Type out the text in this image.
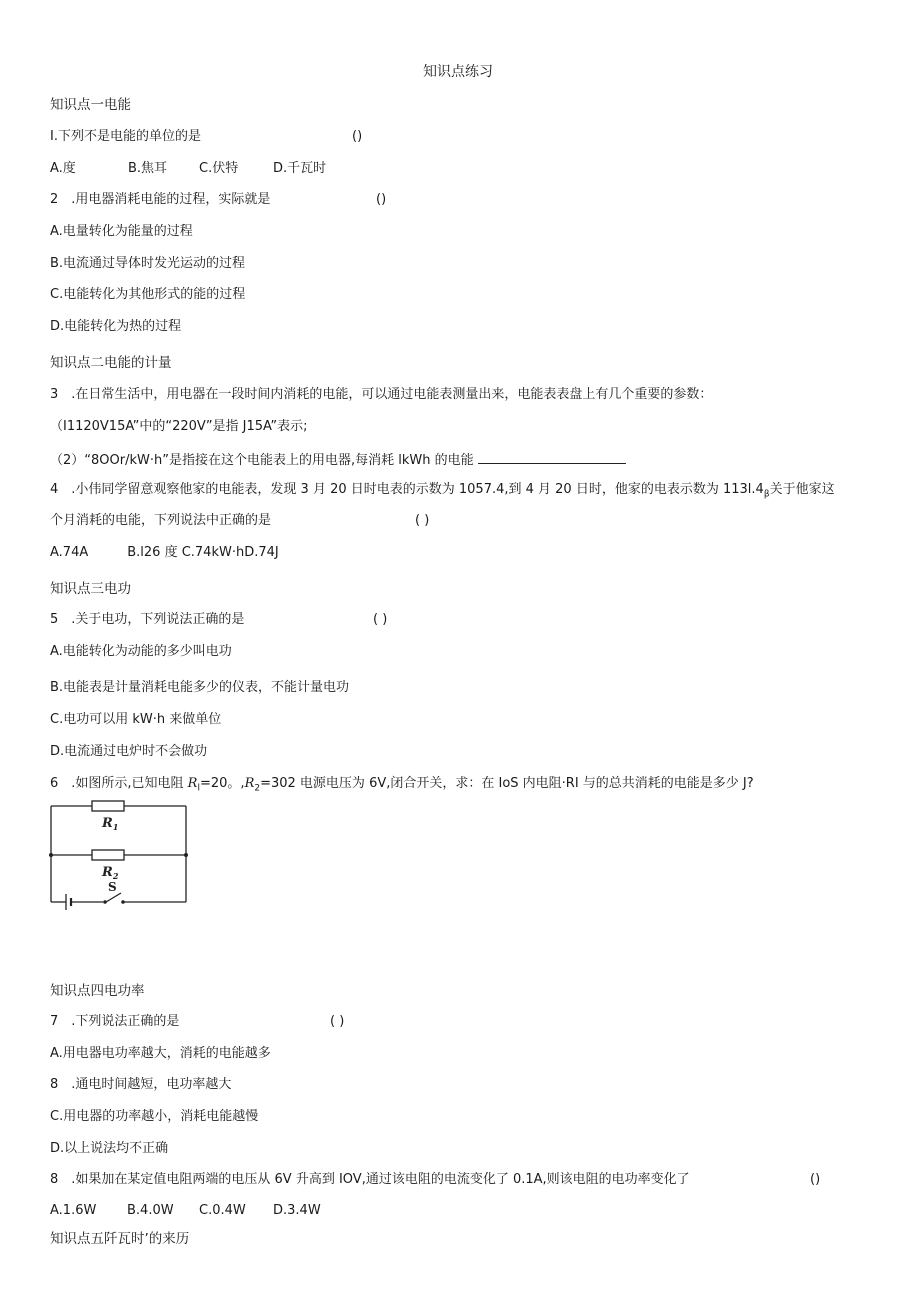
知识点练习
知识点一电能
I.下列不是电能的单位的是	()
A.度	B.焦耳 C.伏特	D.千瓦时
2　.用电器消耗电能的过程，实际就是	()
A.电量转化为能量的过程
B.电流通过导体时发光运动的过程
C.电能转化为其他形式的能的过程
D.电能转化为热的过程
知识点二电能的计量
3　.在日常生活中，用电器在一段时间内消耗的电能，可以通过电能表测量出来，电能表表盘上有几个重要的参数：
（I1120V15A”中的“220V”是指 J15A”表示;
（2）“8OOr/kW·h”是指接在这个电能表上的用电器,每消耗 lkWh 的电能
4　.小伟同学留意观察他家的电能表，发现 3 月 20 日时电表的示数为 1057.4,到 4 月 20 日时，他家的电表示数为 $113l.4_\beta$关于他家这
个月消耗的电能，下列说法中正确的是	( )
A.74A　　　B.l26 度 C.74kW·hD.74J
知识点三电功
5　.关于电功，下列说法正确的是	( )
A.电能转化为动能的多少叫电功
B.电能表是计量消耗电能多少的仪表，不能计量电功
C.电功可以用 kW·h 来做单位
D.电流通过电炉时不会做功
6　.如图所示,已知电阻 $R_l=20$。$,R_2=302$ 电源电压为 6V,闭合开关，求：在 IoS 内电阻·RI 与的总共消耗的电能是多少 J?
$R_1$
$R_2$
S
知识点四电功率
7　.下列说法正确的是	( )
A.用电器电功率越大，消耗的电能越多
8　.通电时间越短，电功率越大
C.用电器的功率越小，消耗电能越慢
D.以上说法均不正确
8　.如果加在某定值电阻两端的电压从 6V 升高到 IOV,通过该电阻的电流变化了 0.1A,则该电阻的电功率变化了	()
A.1.6W B.4.0W C.0.4W D.3.4W
知识点五阡瓦时’的来历
